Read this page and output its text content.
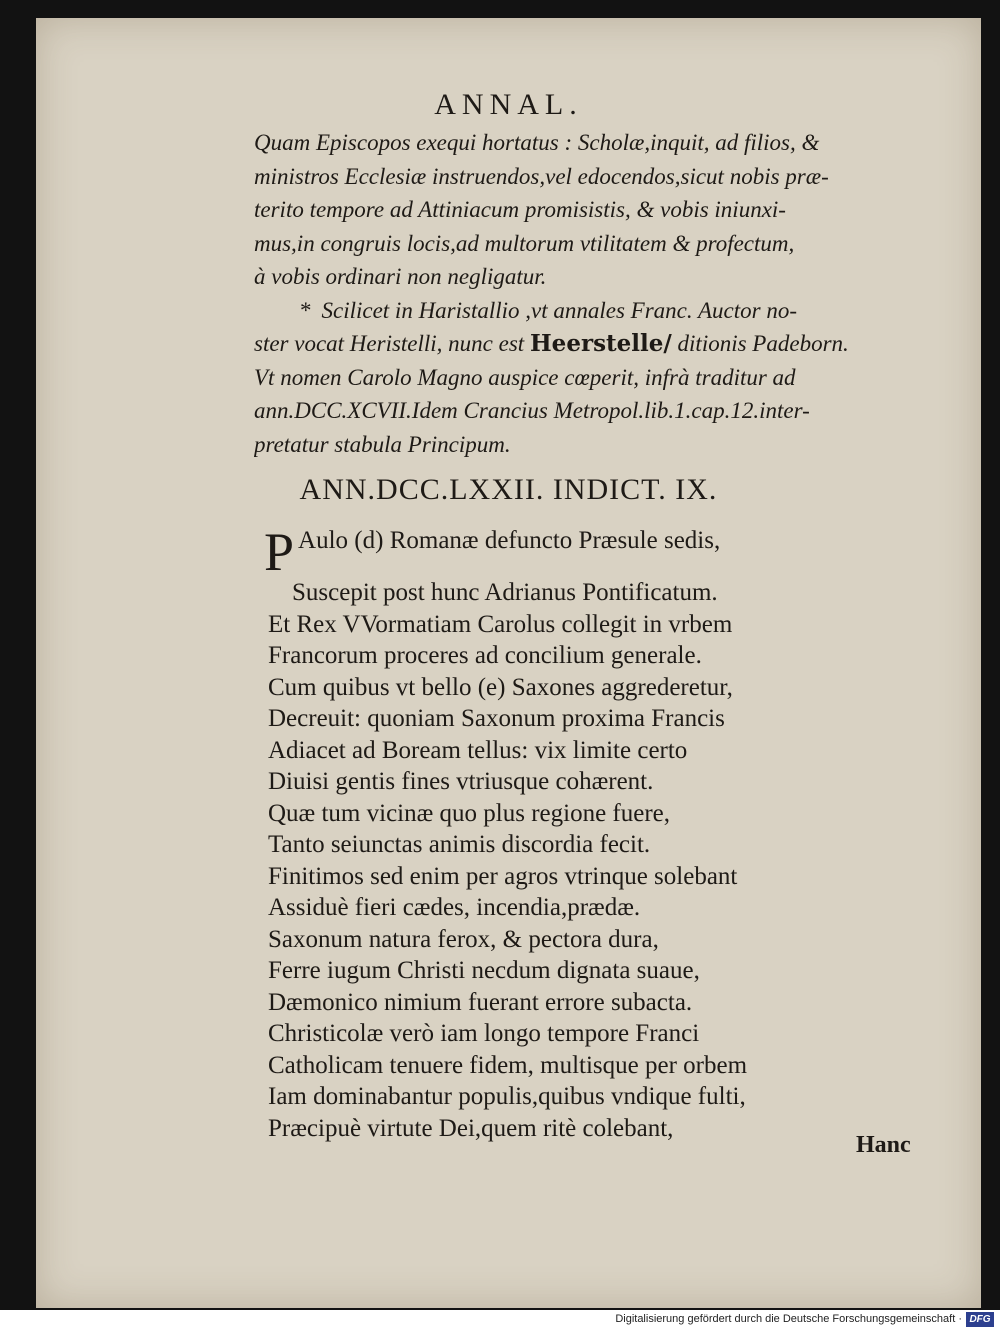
ANNAL.
Quam Episcopos exequi hortatus : Scholæ,inquit, ad filios, &
ministros Ecclesiæ instruendos,vel edocendos,sicut nobis præ-
terito tempore ad Attiniacum promisistis, & vobis iniunxi-
mus,in congruis locis,ad multorum vtilitatem & profectum,
à vobis ordinari non negligatur.
* Scilicet in Haristallio ,vt annales Franc. Auctor no-
ster vocat Heristelli, nunc est Heerstelle/ ditionis Padeborn.
Vt nomen Carolo Magno auspice cœperit, infrà traditur ad
ann.DCC.XCVII.Idem Crancius Metropol.lib.1.cap.12.inter-
pretatur stabula Principum.
ANN.DCC.LXXII. INDICT. IX.
P Aulo (d) Romanæ defuncto Præsule sedis,
Suscepit post hunc Adrianus Pontificatum.
Et Rex VVormatiam Carolus collegit in vrbem
Francorum proceres ad concilium generale.
Cum quibus vt bello (e) Saxones aggrederetur,
Decreuit: quoniam Saxonum proxima Francis
Adiacet ad Boream tellus: vix limite certo
Diuisi gentis fines vtriusque cohærent.
Quæ tum vicinæ quo plus regione fuere,
Tanto seiunctas animis discordia fecit.
Finitimos sed enim per agros vtrinque solebant
Assiduè fieri cædes, incendia,prædæ.
Saxonum natura ferox, & pectora dura,
Ferre iugum Christi necdum dignata suaue,
Dæmonico nimium fuerant errore subacta.
Christicolæ verò iam longo tempore Franci
Catholicam tenuere fidem, multisque per orbem
Iam dominabantur populis,quibus vndique fulti,
Præcipuè virtute Dei,quem ritè colebant,
Hanc
Digitalisierung gefördert durch die Deutsche Forschungsgemeinschaft · DFG
